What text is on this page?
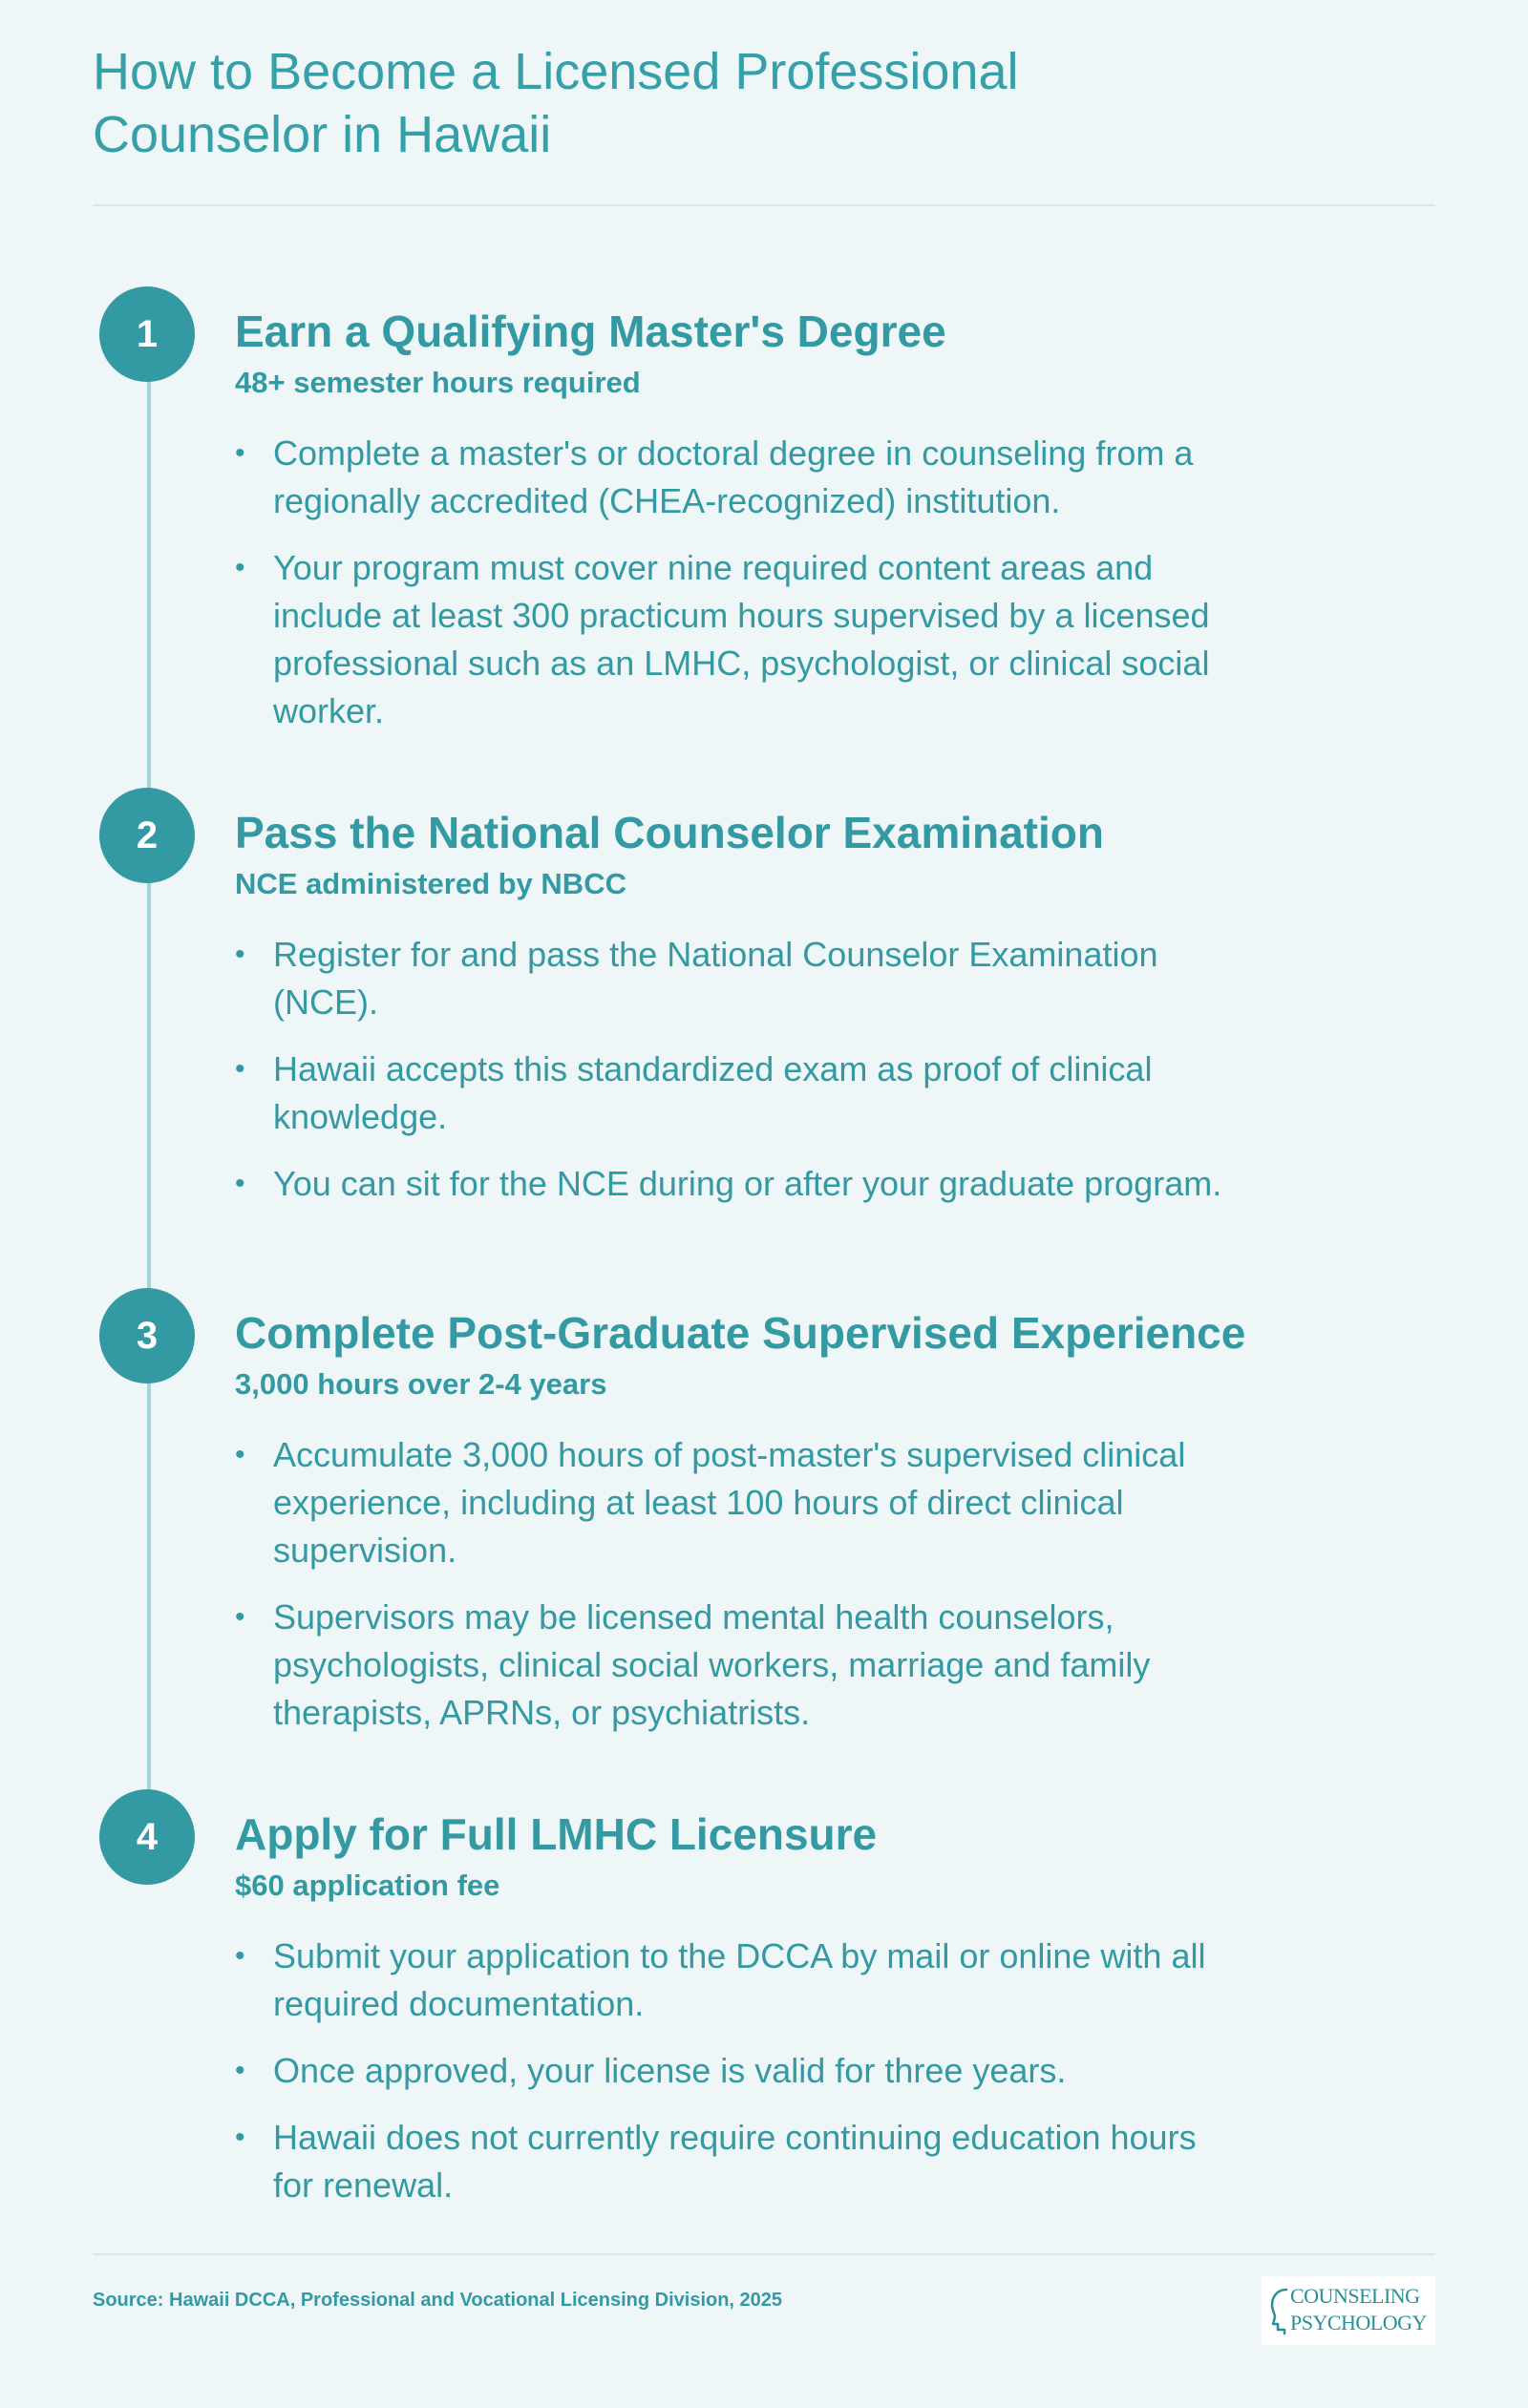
How to Become a Licensed Professional Counselor in Hawaii
1	Earn a Qualifying Master's Degree
48+ semester hours required
• Complete a master's or doctoral degree in counseling from a regionally accredited (CHEA-recognized) institution.
• Your program must cover nine required content areas and include at least 300 practicum hours supervised by a licensed professional such as an LMHC, psychologist, or clinical social worker.
2	Pass the National Counselor Examination
NCE administered by NBCC
• Register for and pass the National Counselor Examination (NCE).
• Hawaii accepts this standardized exam as proof of clinical knowledge.
• You can sit for the NCE during or after your graduate program.
3	Complete Post-Graduate Supervised Experience
3,000 hours over 2-4 years
• Accumulate 3,000 hours of post-master's supervised clinical experience, including at least 100 hours of direct clinical supervision.
• Supervisors may be licensed mental health counselors, psychologists, clinical social workers, marriage and family therapists, APRNs, or psychiatrists.
4	Apply for Full LMHC Licensure
$60 application fee
• Submit your application to the DCCA by mail or online with all required documentation.
• Once approved, your license is valid for three years.
• Hawaii does not currently require continuing education hours for renewal.
Source: Hawaii DCCA, Professional and Vocational Licensing Division, 2025	COUNSELING
PSYCHOLOGY
